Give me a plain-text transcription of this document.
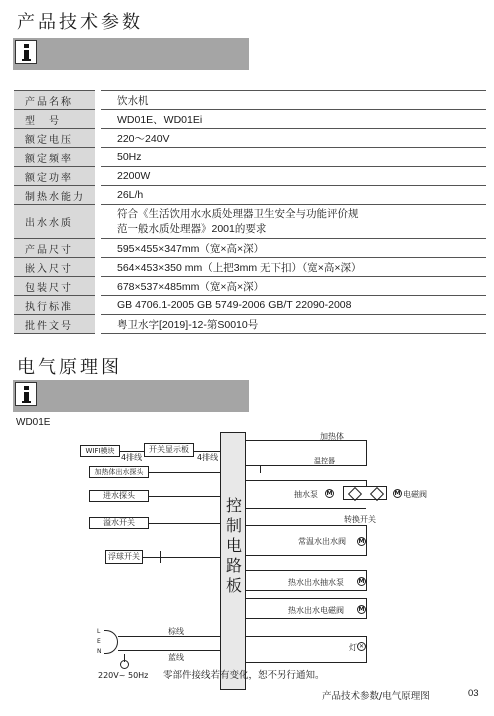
产品技术参数
产品名称	饮水机
型　号	WD01E、WD01Ei
额定电压	220～240V
额定频率	50Hz
额定功率	2200W
制热水能力	26L/h
出水水质	符合《生活饮用水水质处理器卫生安全与功能评价规
范一般水质处理器》2001的要求

产品尺寸	595×455×347mm（宽×高×深）
嵌入尺寸	564×453×350 mm（上把3mm 无下扣）（宽×高×深）
包装尺寸	678×537×485mm（宽×高×深）
执行标准	GB 4706.1-2005 GB 5749-2006 GB/T 22090-2008
批件文号	粤卫水字[2019]-12-第S0010号
电气原理图
WD01E
控
制
电
路
板
WIFI模块
4排线
开关显示板
4排线
加热体出水探头
进水探头
溢水开关
浮球开关
L
E
N
棕线
蓝线
220V~ 50Hz
加热体
温控器
抽水泵 M	M 电磁阀
转换开关
常温水出水阀 M
热水出水抽水泵 M
热水出水电磁阀 M
灯 ✕
零部件接线若有变化，恕不另行通知。
产品技术参数/电气原理图	03
